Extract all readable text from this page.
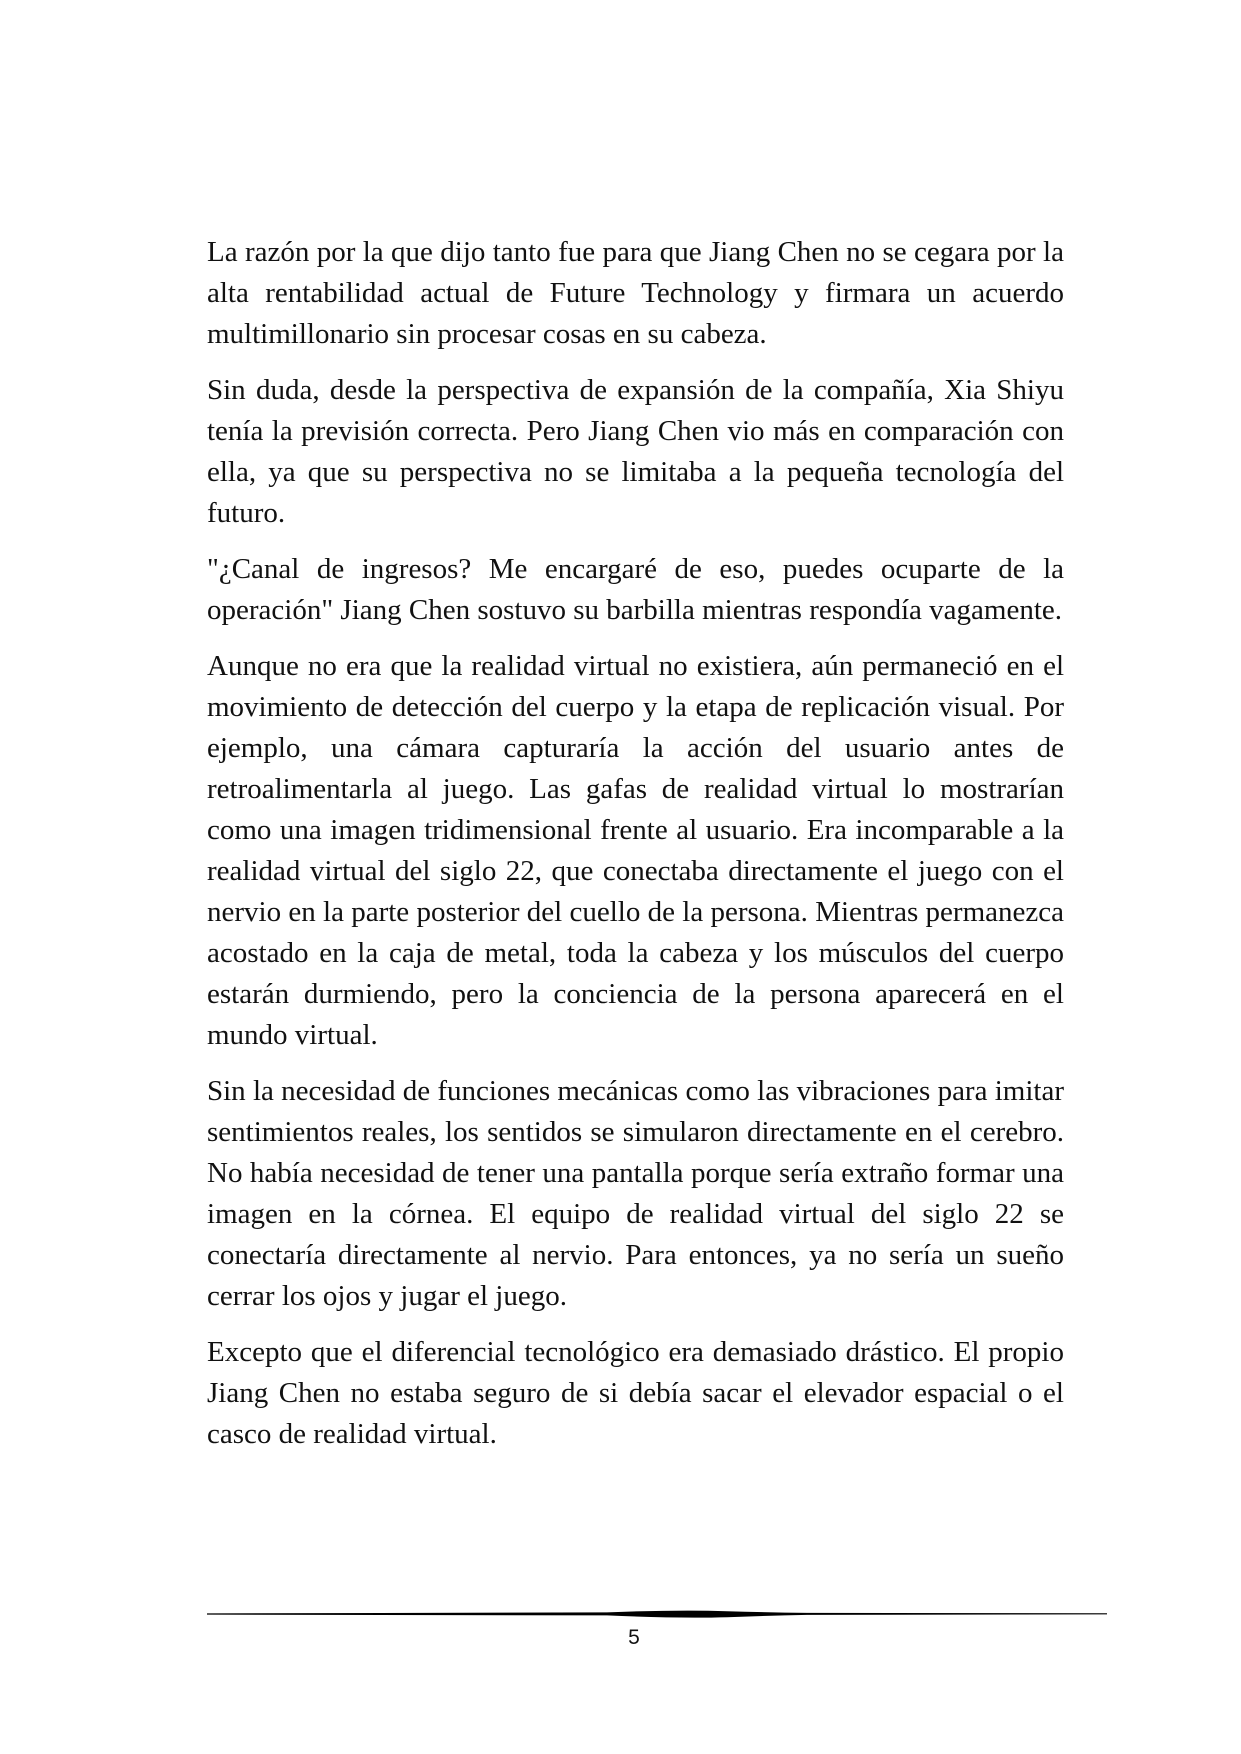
La razón por la que dijo tanto fue para que Jiang Chen no se cegara por la alta rentabilidad actual de Future Technology y firmara un acuerdo multimillonario sin procesar cosas en su cabeza.

Sin duda, desde la perspectiva de expansión de la compañía, Xia Shiyu tenía la previsión correcta. Pero Jiang Chen vio más en comparación con ella, ya que su perspectiva no se limitaba a la pequeña tecnología del futuro.

"¿Canal de ingresos? Me encargaré de eso, puedes ocuparte de la operación" Jiang Chen sostuvo su barbilla mientras respondía vagamente.

Aunque no era que la realidad virtual no existiera, aún permaneció en el movimiento de detección del cuerpo y la etapa de replicación visual. Por ejemplo, una cámara capturaría la acción del usuario antes de retroalimentarla al juego. Las gafas de realidad virtual lo mostrarían como una imagen tridimensional frente al usuario. Era incomparable a la realidad virtual del siglo 22, que conectaba directamente el juego con el nervio en la parte posterior del cuello de la persona. Mientras permanezca acostado en la caja de metal, toda la cabeza y los músculos del cuerpo estarán durmiendo, pero la conciencia de la persona aparecerá en el mundo virtual.

Sin la necesidad de funciones mecánicas como las vibraciones para imitar sentimientos reales, los sentidos se simularon directamente en el cerebro. No había necesidad de tener una pantalla porque sería extraño formar una imagen en la córnea. El equipo de realidad virtual del siglo 22 se conectaría directamente al nervio. Para entonces, ya no sería un sueño cerrar los ojos y jugar el juego.

Excepto que el diferencial tecnológico era demasiado drástico. El propio Jiang Chen no estaba seguro de si debía sacar el elevador espacial o el casco de realidad virtual.

5
